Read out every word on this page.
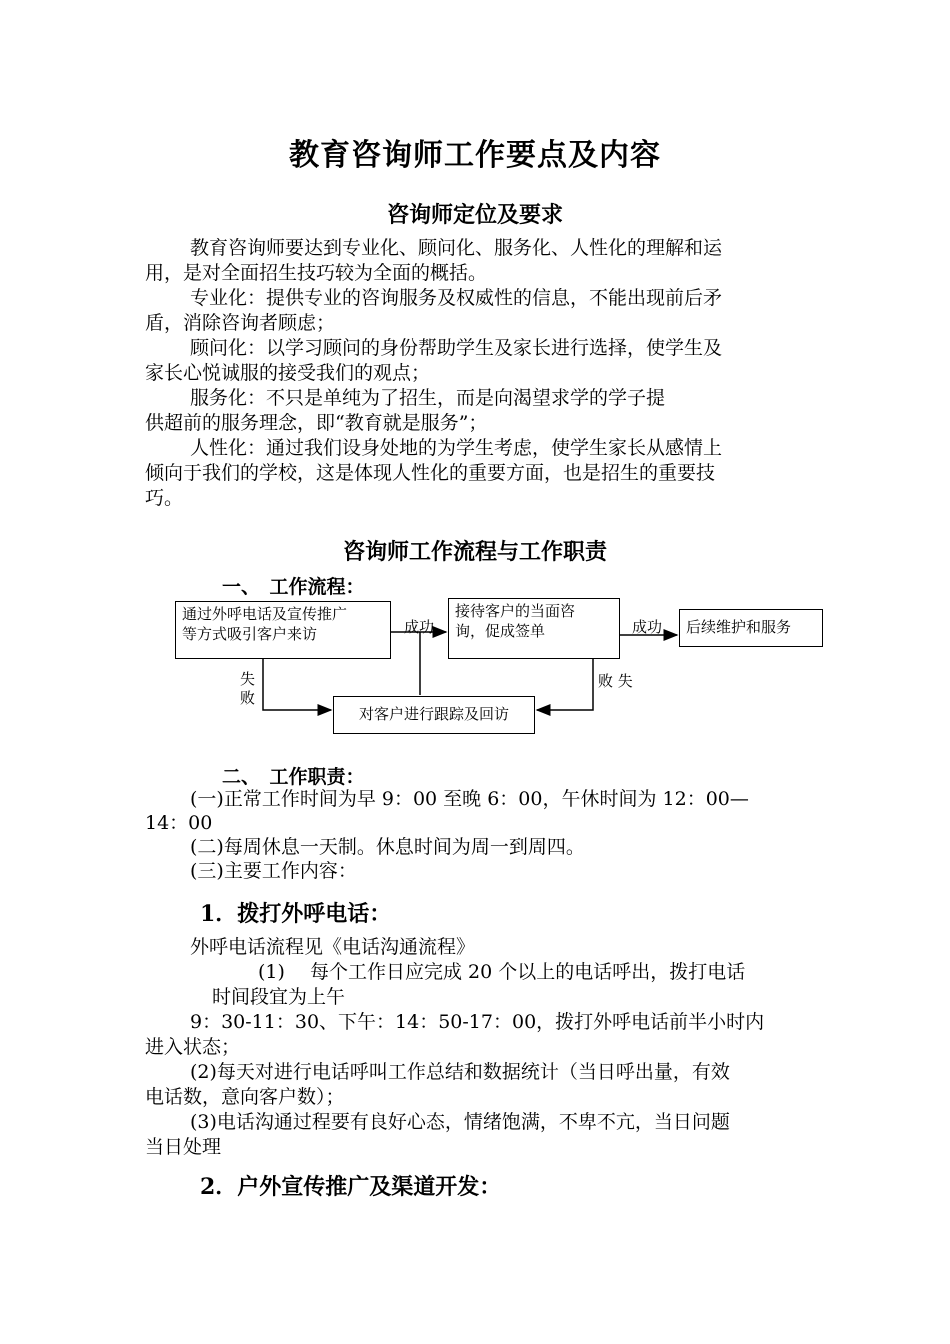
教育咨询师工作要点及内容
咨询师定位及要求
教育咨询师要达到专业化、顾问化、服务化、人性化的理解和运
用，是对全面招生技巧较为全面的概括。
专业化：提供专业的咨询服务及权威性的信息，不能出现前后矛
盾，消除咨询者顾虑；
顾问化：以学习顾问的身份帮助学生及家长进行选择，使学生及
家长心悦诚服的接受我们的观点；
服务化：不只是单纯为了招生，而是向渴望求学的学子提
供超前的服务理念，即“教育就是服务”；
人性化：通过我们设身处地的为学生考虑，使学生家长从感情上
倾向于我们的学校，这是体现人性化的重要方面，也是招生的重要技
巧。
咨询师工作流程与工作职责
一、　工作流程：
通过外呼电话及宣传推广
等方式吸引客户来访
接待客户的当面咨
询，促成签单	后续维护和服务
对客户进行跟踪及回访
成功	成功
失
败
败 失
二、　工作职责：
(一)正常工作时间为早 9：00 至晚 6：00，午休时间为 12：00—
14：00
(二)每周休息一天制。休息时间为周一到周四。
(三)主要工作内容：
1．拨打外呼电话：
外呼电话流程见《电话沟通流程》
(1)　 每个工作日应完成 20 个以上的电话呼出，拨打电话
时间段宜为上午
9：30-11：30、下午：14：50-17：00，拨打外呼电话前半小时内
进入状态；
(2)每天对进行电话呼叫工作总结和数据统计（当日呼出量，有效
电话数，意向客户数）；
(3)电话沟通过程要有良好心态，情绪饱满，不卑不亢，当日问题
当日处理
2．户外宣传推广及渠道开发：
